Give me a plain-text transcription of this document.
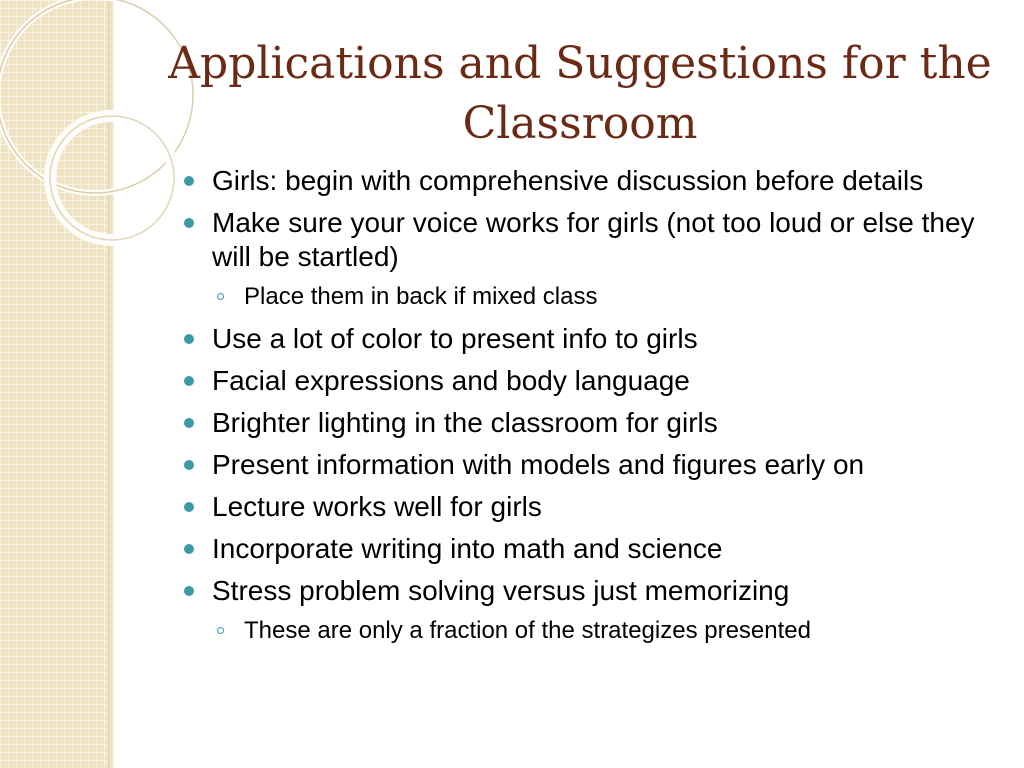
Applications and Suggestions for the Classroom
Girls: begin with comprehensive discussion before details
Make sure your voice works for girls (not too loud or else they will be startled)
Place them in back if mixed class
Use a lot of color to present info to girls
Facial expressions and body language
Brighter lighting in the classroom for girls
Present information with models and figures early on
Lecture works well for girls
Incorporate writing into math and science
Stress problem solving versus just memorizing
These are only a fraction of the strategizes presented
